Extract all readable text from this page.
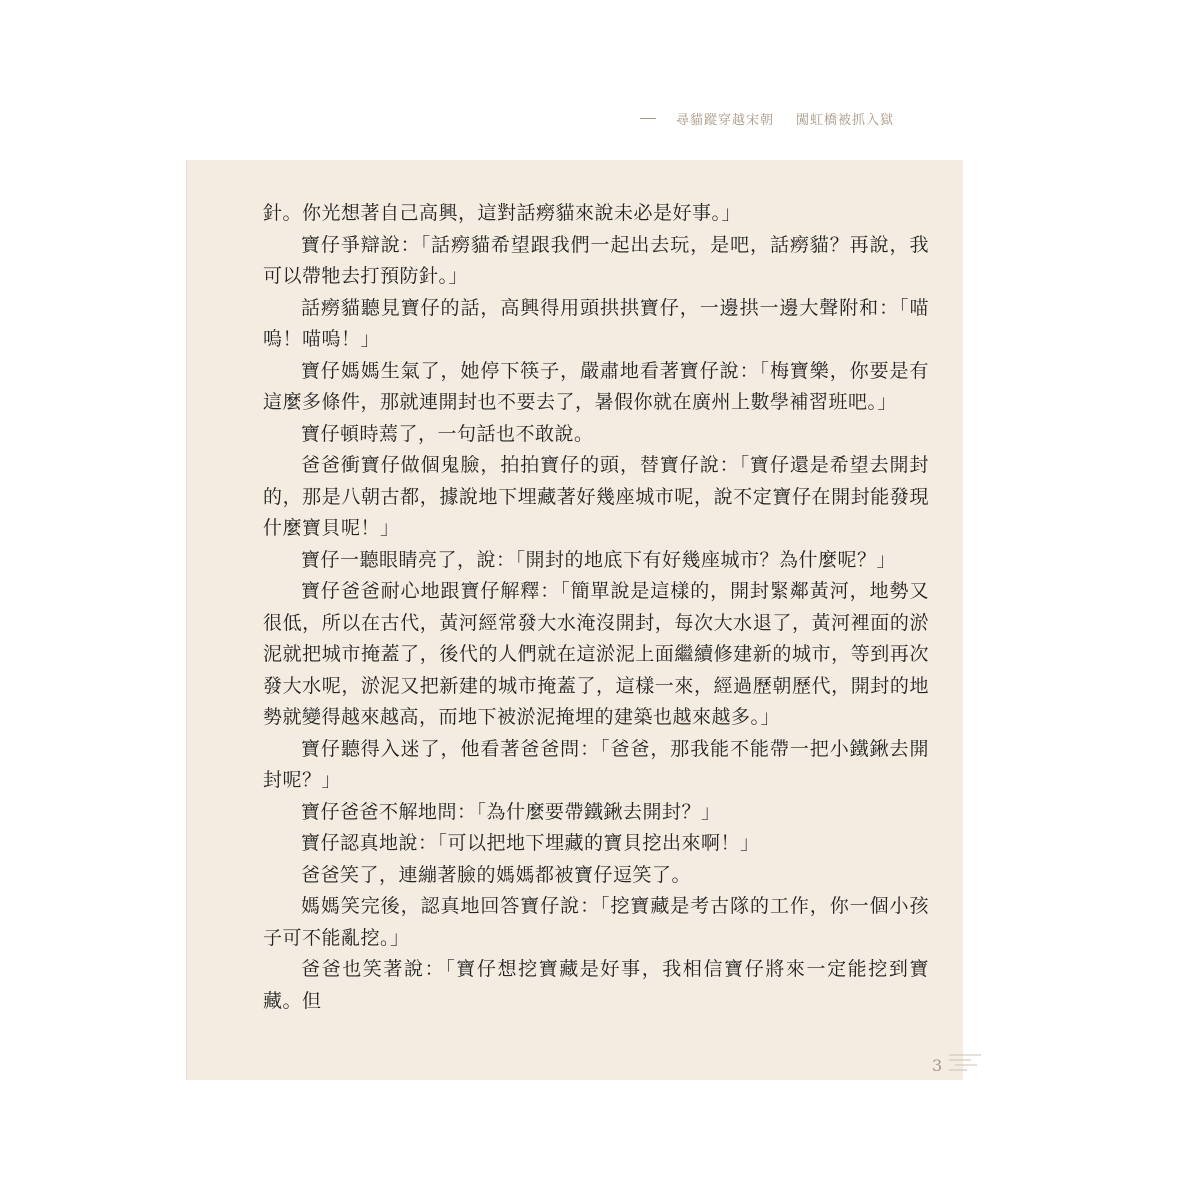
尋貓蹤穿越宋朝 闖虹橋被抓入獄

針。你光想著自己高興，這對話癆貓來說未必是好事。」

寶仔爭辯說：「話癆貓希望跟我們一起出去玩，是吧，話癆貓？再說，我可以帶牠去打預防針。」

話癆貓聽見寶仔的話，高興得用頭拱拱寶仔，一邊拱一邊大聲附和：「喵嗚！喵嗚！」

寶仔媽媽生氣了，她停下筷子，嚴肅地看著寶仔說：「梅寶樂，你要是有這麼多條件，那就連開封也不要去了，暑假你就在廣州上數學補習班吧。」

寶仔頓時蔫了，一句話也不敢說。

爸爸衝寶仔做個鬼臉，拍拍寶仔的頭，替寶仔說：「寶仔還是希望去開封的，那是八朝古都，據說地下埋藏著好幾座城市呢，說不定寶仔在開封能發現什麼寶貝呢！」

寶仔一聽眼睛亮了，說：「開封的地底下有好幾座城市？為什麼呢？」

寶仔爸爸耐心地跟寶仔解釋：「簡單說是這樣的，開封緊鄰黃河，地勢又很低，所以在古代，黃河經常發大水淹沒開封，每次大水退了，黃河裡面的淤泥就把城市掩蓋了，後代的人們就在這淤泥上面繼續修建新的城市，等到再次發大水呢，淤泥又把新建的城市掩蓋了，這樣一來，經過歷朝歷代，開封的地勢就變得越來越高，而地下被淤泥掩埋的建築也越來越多。」

寶仔聽得入迷了，他看著爸爸問：「爸爸，那我能不能帶一把小鐵鍬去開封呢？」

寶仔爸爸不解地問：「為什麼要帶鐵鍬去開封？」

寶仔認真地說：「可以把地下埋藏的寶貝挖出來啊！」

爸爸笑了，連繃著臉的媽媽都被寶仔逗笑了。

媽媽笑完後，認真地回答寶仔說：「挖寶藏是考古隊的工作，你一個小孩子可不能亂挖。」

爸爸也笑著說：「寶仔想挖寶藏是好事，我相信寶仔將來一定能挖到寶藏。但

3
